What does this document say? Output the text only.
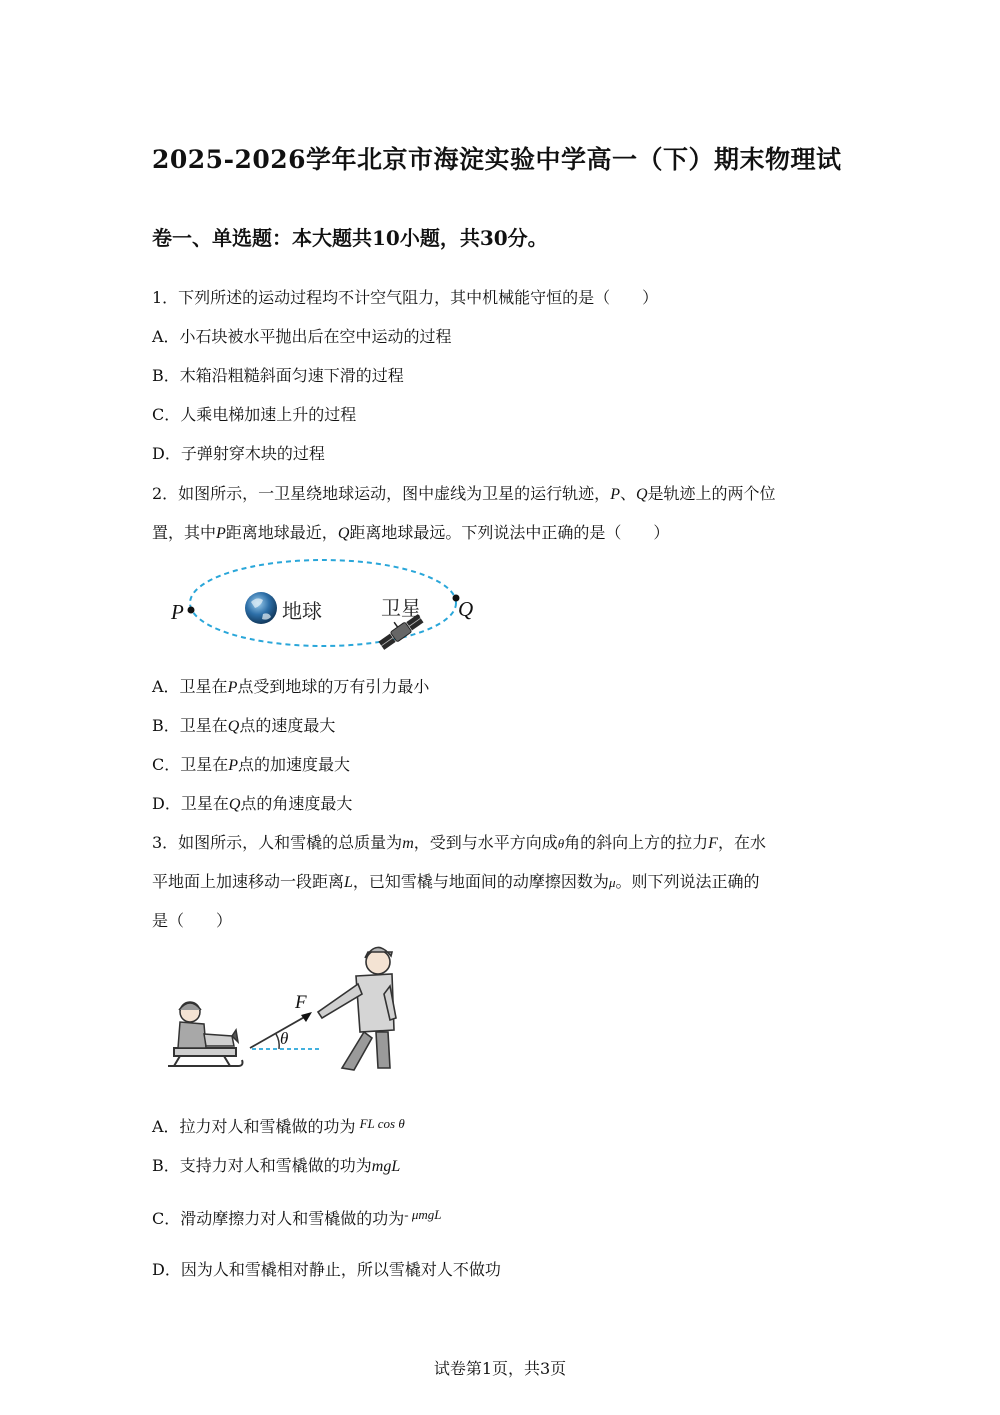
2025-2026学年北京市海淀实验中学高一（下）期末物理试
卷一、单选题：本大题共10小题，共30分。
1．下列所述的运动过程均不计空气阻力，其中机械能守恒的是（　　）
A．小石块被水平抛出后在空中运动的过程
B．木箱沿粗糙斜面匀速下滑的过程
C．人乘电梯加速上升的过程
D．子弹射穿木块的过程
2．如图所示，一卫星绕地球运动，图中虚线为卫星的运行轨迹，P、Q是轨迹上的两个位
置，其中P距离地球最近，Q距离地球最远。下列说法中正确的是（　　）
P	Q
地球	卫星
A．卫星在P点受到地球的万有引力最小
B．卫星在Q点的速度最大
C．卫星在P点的加速度最大
D．卫星在Q点的角速度最大
3．如图所示，人和雪橇的总质量为m，受到与水平方向成θ角的斜向上方的拉力F，在水
平地面上加速移动一段距离L，已知雪橇与地面间的动摩擦因数为μ。则下列说法正确的
是（　　）
F
θ
A．拉力对人和雪橇做的功为 $^{FL cos \theta}$
B．支持力对人和雪橇做的功为mgL
C．滑动摩擦力对人和雪橇做的功为$^{- \mu mgL}$
D．因为人和雪橇相对静止，所以雪橇对人不做功
试卷第1页，共3页
